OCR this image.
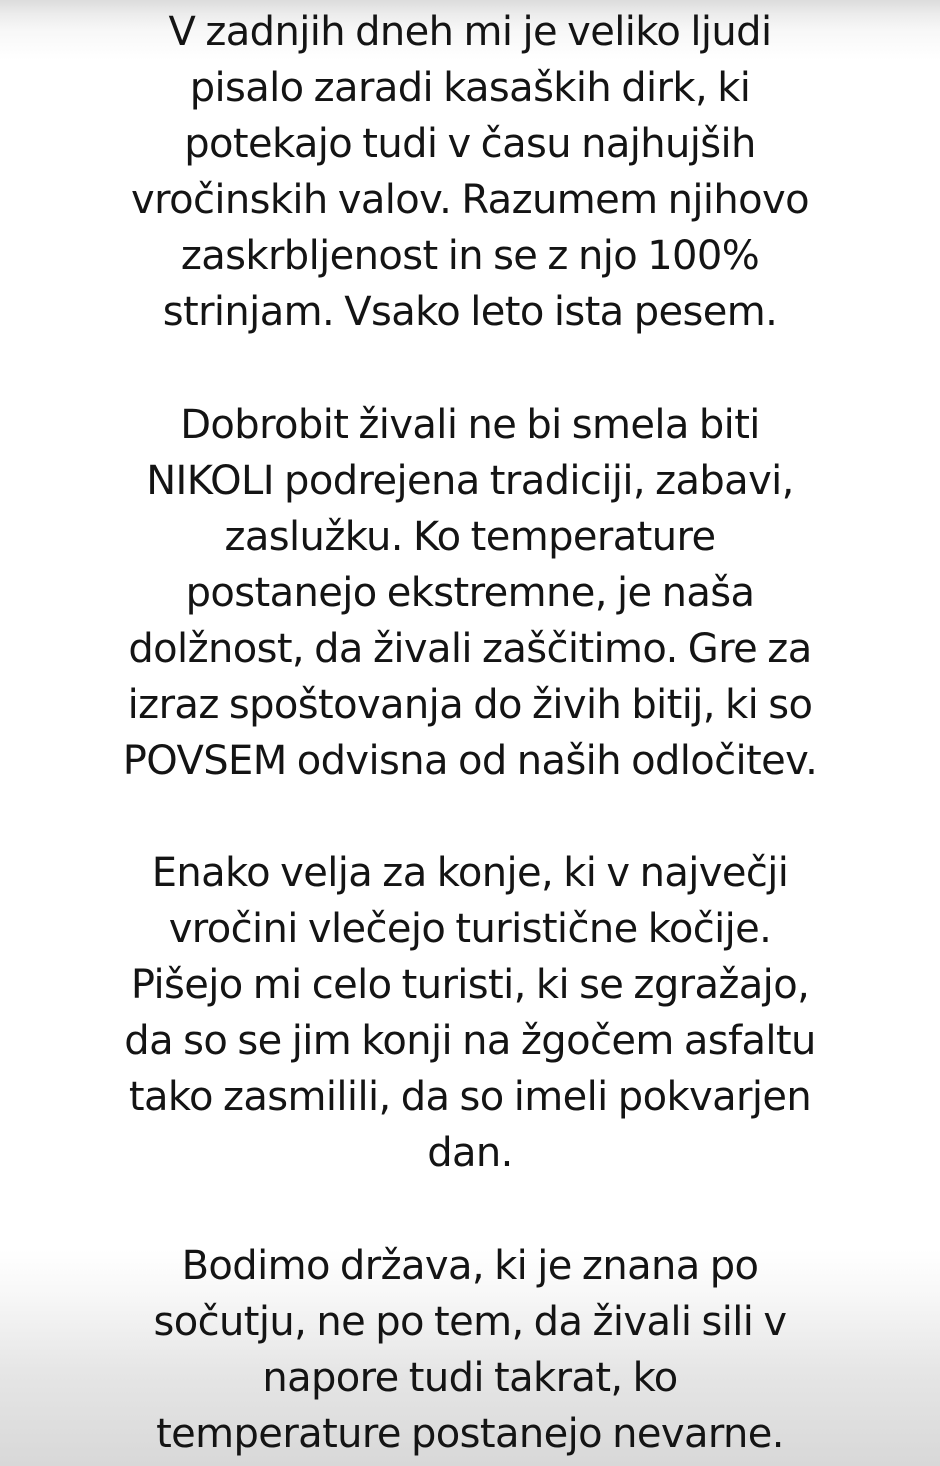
V zadnjih dneh mi je veliko ljudi
pisalo zaradi kasaških dirk, ki
potekajo tudi v času najhujših
vročinskih valov. Razumem njihovo
zaskrbljenost in se z njo 100%
strinjam. Vsako leto ista pesem.
Dobrobit živali ne bi smela biti
NIKOLI podrejena tradiciji, zabavi,
zaslužku. Ko temperature
postanejo ekstremne, je naša
dolžnost, da živali zaščitimo. Gre za
izraz spoštovanja do živih bitij, ki so
POVSEM odvisna od naših odločitev.
Enako velja za konje, ki v največji
vročini vlečejo turistične kočije.
Pišejo mi celo turisti, ki se zgražajo,
da so se jim konji na žgočem asfaltu
tako zasmilili, da so imeli pokvarjen
dan.
Bodimo država, ki je znana po
sočutju, ne po tem, da živali sili v
napore tudi takrat, ko
temperature postanejo nevarne.
